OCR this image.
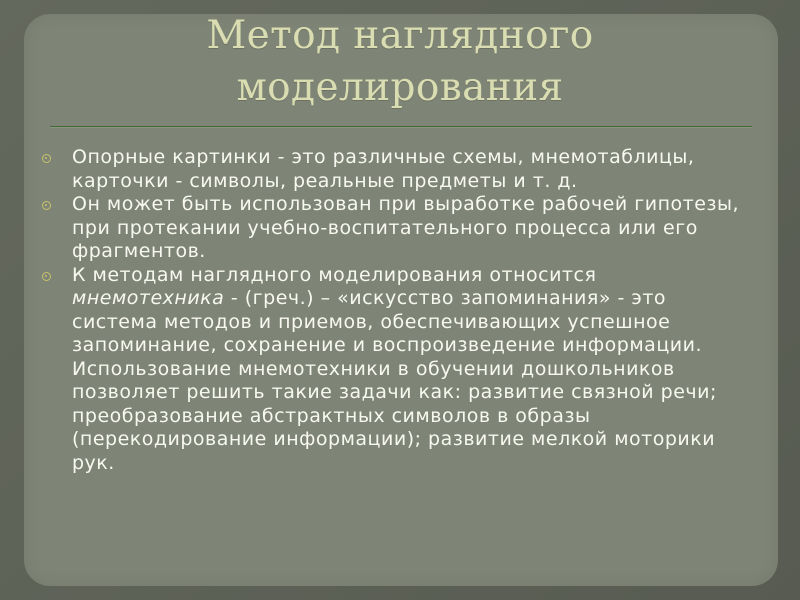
Метод наглядного
моделирования
Опорные картинки - это различные схемы, мнемотаблицы, карточки - символы, реальные предметы и т. д.
Он может быть использован при выработке рабочей гипотезы, при протекании учебно-воспитательного процесса или его фрагментов.
К методам наглядного моделирования относится мнемотехника - (греч.) – «искусство запоминания» - это система методов и приемов, обеспечивающих успешное запоминание, сохранение и воспроизведение информации. Использование мнемотехники в обучении дошкольников позволяет решить такие задачи как: развитие связной речи; преобразование абстрактных символов в образы (перекодирование информации); развитие мелкой моторики рук.
